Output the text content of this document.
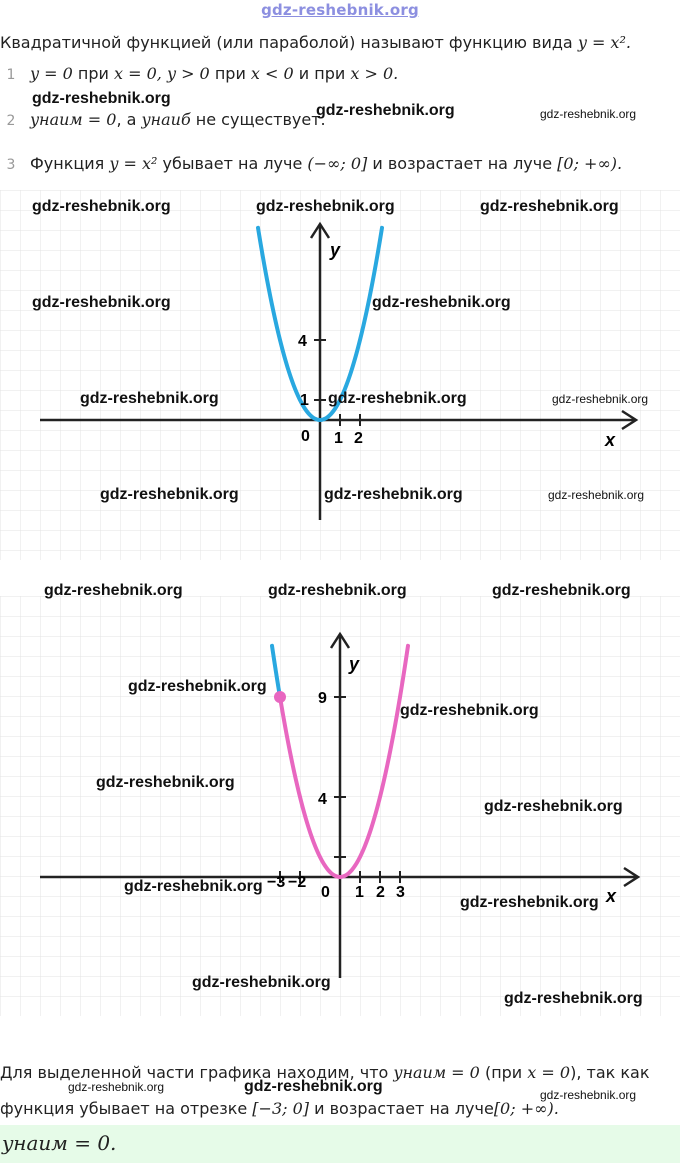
gdz-reshebnik.org
Квадратичной функцией (или параболой) называют функцию вида y = x².
1 y = 0 при x = 0, y > 0 при x < 0 и при x > 0.
2 yнаим = 0, а yнаиб не существует.
3 Функция y = x² убывает на луче (−∞; 0] и возрастает на луче [0; +∞).
y
x
0 1 2
1
4
y
x
0
−3 −2
1 2 3
4
9
Для выделенной части графика находим, что yнаим = 0 (при x = 0), так как
функция убывает на отрезке [−3; 0] и возрастает на луче[0; +∞).
yнаим = 0.
gdz-reshebnik.org
gdz-reshebnik.org	gdz-reshebnik.org
gdz-reshebnik.org	gdz-reshebnik.org	gdz-reshebnik.org
gdz-reshebnik.org	gdz-reshebnik.org
gdz-reshebnik.org	gdz-reshebnik.org	gdz-reshebnik.org
gdz-reshebnik.org	gdz-reshebnik.org	gdz-reshebnik.org
gdz-reshebnik.org	gdz-reshebnik.org	gdz-reshebnik.org
gdz-reshebnik.org
gdz-reshebnik.org
gdz-reshebnik.org
gdz-reshebnik.org
gdz-reshebnik.org
gdz-reshebnik.org
gdz-reshebnik.org
gdz-reshebnik.org
gdz-reshebnik.org	gdz-reshebnik.org	gdz-reshebnik.org
